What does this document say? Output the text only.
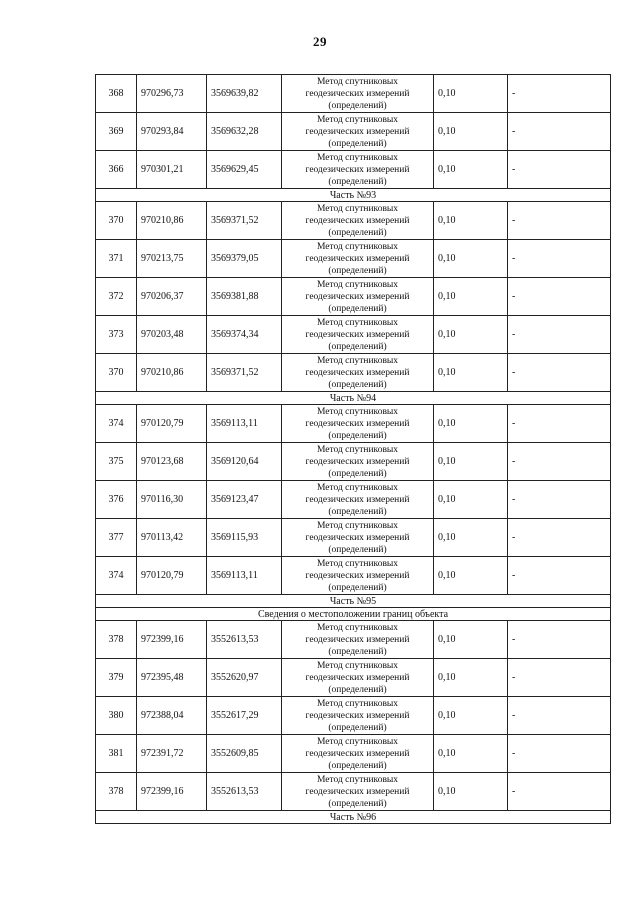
29
368	970296,73	3569639,82	Метод спутниковых
геодезических измерений
(определений)	0,10	-
369	970293,84	3569632,28	Метод спутниковых
геодезических измерений
(определений)	0,10	-
366	970301,21	3569629,45	Метод спутниковых
геодезических измерений
(определений)	0,10	-
Часть №93					
370	970210,86	3569371,52	Метод спутниковых
геодезических измерений
(определений)	0,10	-
371	970213,75	3569379,05	Метод спутниковых
геодезических измерений
(определений)	0,10	-
372	970206,37	3569381,88	Метод спутниковых
геодезических измерений
(определений)	0,10	-
373	970203,48	3569374,34	Метод спутниковых
геодезических измерений
(определений)	0,10	-
370	970210,86	3569371,52	Метод спутниковых
геодезических измерений
(определений)	0,10	-
Часть №94					
374	970120,79	3569113,11	Метод спутниковых
геодезических измерений
(определений)	0,10	-
375	970123,68	3569120,64	Метод спутниковых
геодезических измерений
(определений)	0,10	-
376	970116,30	3569123,47	Метод спутниковых
геодезических измерений
(определений)	0,10	-
377	970113,42	3569115,93	Метод спутниковых
геодезических измерений
(определений)	0,10	-
374	970120,79	3569113,11	Метод спутниковых
геодезических измерений
(определений)	0,10	-
Часть №95					
Сведения о местоположении границ объекта					
378	972399,16	3552613,53	Метод спутниковых
геодезических измерений
(определений)	0,10	-
379	972395,48	3552620,97	Метод спутниковых
геодезических измерений
(определений)	0,10	-
380	972388,04	3552617,29	Метод спутниковых
геодезических измерений
(определений)	0,10	-
381	972391,72	3552609,85	Метод спутниковых
геодезических измерений
(определений)	0,10	-
378	972399,16	3552613,53	Метод спутниковых
геодезических измерений
(определений)	0,10	-
Часть №96					
